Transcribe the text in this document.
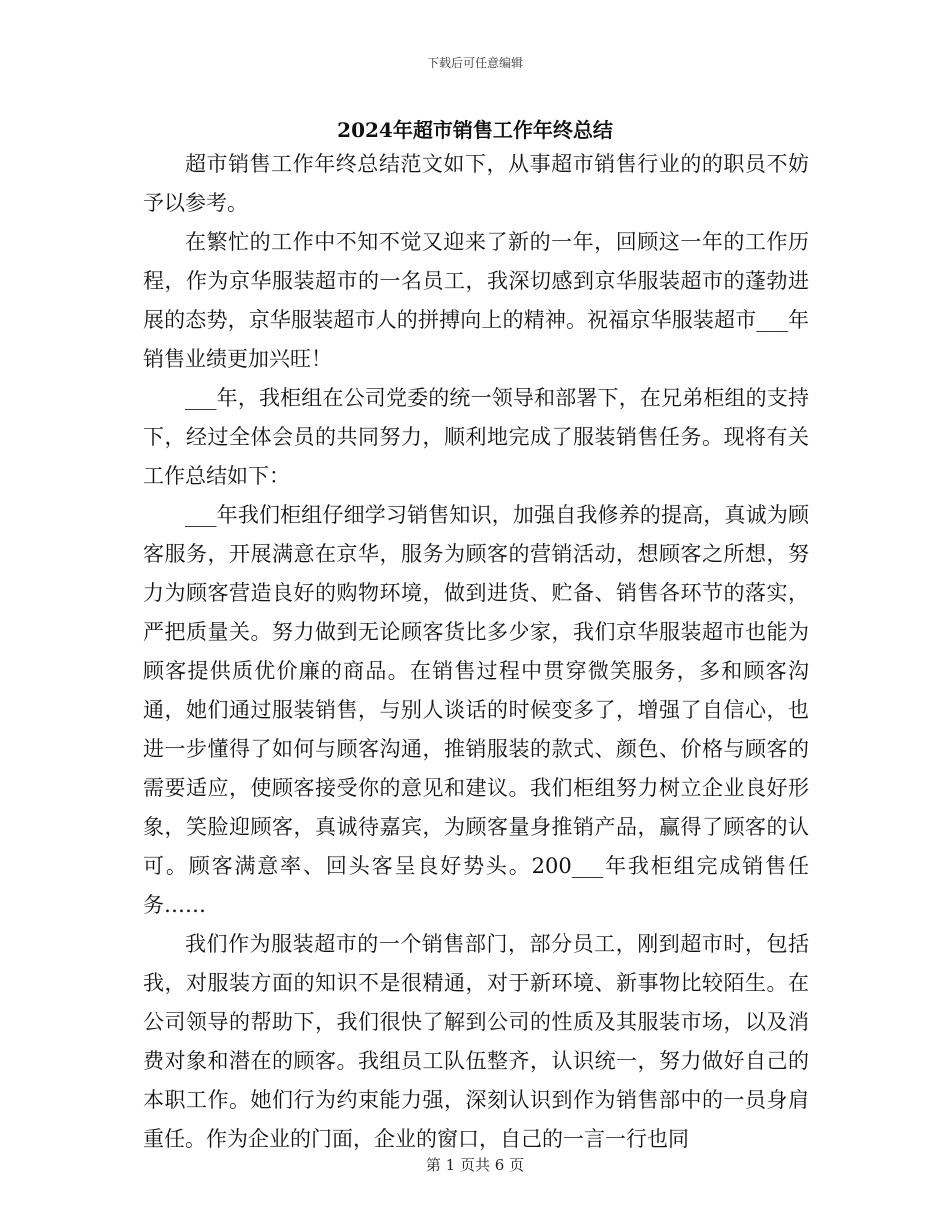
下载后可任意编辑
2024年超市销售工作年终总结

超市销售工作年终总结范文如下，从事超市销售行业的的职员不妨予以参考。

在繁忙的工作中不知不觉又迎来了新的一年，回顾这一年的工作历程，作为京华服装超市的一名员工，我深切感到京华服装超市的蓬勃进展的态势，京华服装超市人的拼搏向上的精神。祝福京华服装超市___年销售业绩更加兴旺！

___年，我柜组在公司党委的统一领导和部署下，在兄弟柜组的支持下，经过全体会员的共同努力，顺利地完成了服装销售任务。现将有关工作总结如下：

___年我们柜组仔细学习销售知识，加强自我修养的提高，真诚为顾客服务，开展满意在京华，服务为顾客的营销活动，想顾客之所想，努力为顾客营造良好的购物环境，做到进货、贮备、销售各环节的落实，严把质量关。努力做到无论顾客货比多少家，我们京华服装超市也能为顾客提供质优价廉的商品。在销售过程中贯穿微笑服务，多和顾客沟通，她们通过服装销售，与别人谈话的时候变多了，增强了自信心，也进一步懂得了如何与顾客沟通，推销服装的款式、颜色、价格与顾客的需要适应，使顾客接受你的意见和建议。我们柜组努力树立企业良好形象，笑脸迎顾客，真诚待嘉宾，为顾客量身推销产品，赢得了顾客的认可。顾客满意率、回头客呈良好势头。200___年我柜组完成销售任务……

我们作为服装超市的一个销售部门，部分员工，刚到超市时，包括我，对服装方面的知识不是很精通，对于新环境、新事物比较陌生。在公司领导的帮助下，我们很快了解到公司的性质及其服装市场，以及消费对象和潜在的顾客。我组员工队伍整齐，认识统一，努力做好自己的本职工作。她们行为约束能力强，深刻认识到作为销售部中的一员身肩重任。作为企业的门面，企业的窗口，自己的一言一行也同

第 1 页共 6 页
